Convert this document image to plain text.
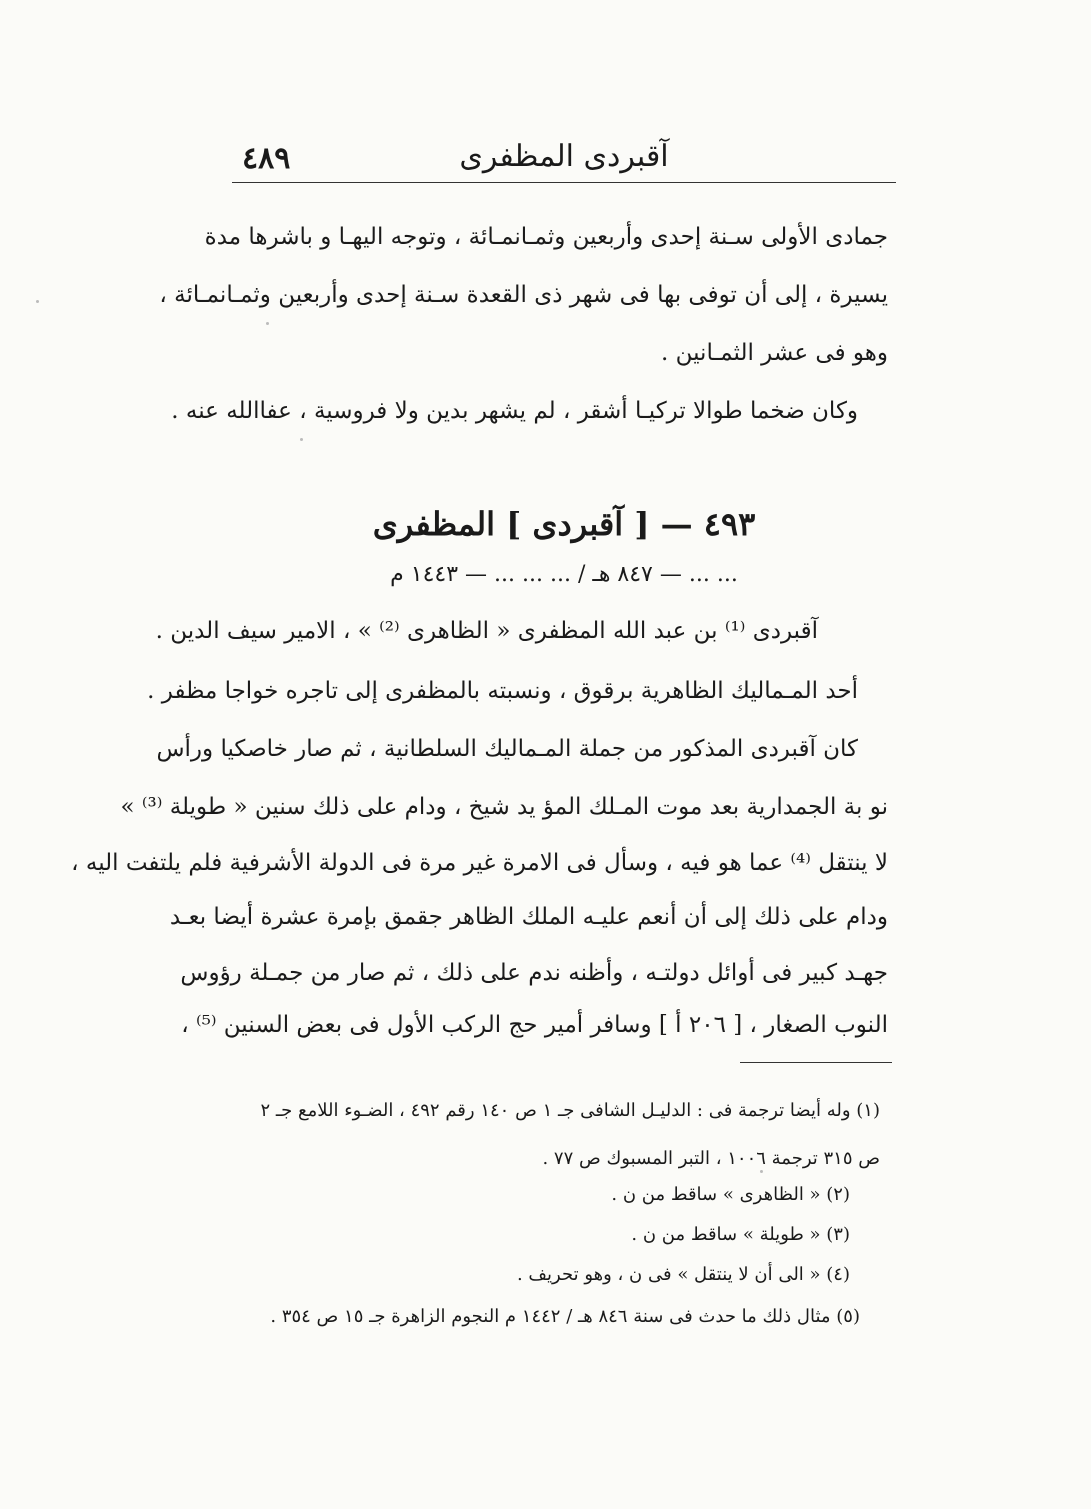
٤٨٩	آقبردى المظفرى
جمادى الأولى سـنة إحدى وأربعين وثمـانمـائة ، وتوجه اليهـا و باشرها مدة
يسيرة ، إلى أن توفى بها فى شهر ذى القعدة سـنة إحدى وأربعين وثمـانمـائة ،
وهو فى عشر الثمـانين .
وكان ضخما طوالا تركيـا أشقر ، لم يشهر بدين ولا فروسية ، عفاالله عنه .
٤٩٣ — [ آقبردى ] المظفرى
... ... — ٨٤٧ هـ / ... ... ... — ١٤٤٣ م
آقبردى ⁽¹⁾ بن عبد الله المظفرى « الظاهرى ⁽²⁾ » ، الامير سيف الدين .
أحد المـماليك الظاهرية برقوق ، ونسبته بالمظفرى إلى تاجره خواجا مظفر .
كان آقبردى المذكور من جملة المـماليك السلطانية ، ثم صار خاصكيا ورأس
نو بة الجمدارية بعد موت المـلك المؤ يد شيخ ، ودام على ذلك سنين « طويلة ⁽³⁾ »
لا ينتقل ⁽⁴⁾ عما هو فيه ، وسأل فى الامرة غير مرة فى الدولة الأشرفية فلم يلتفت اليه ،
ودام على ذلك إلى أن أنعم عليـه الملك الظاهر جقمق بإمرة عشرة أيضا بعـد
جهـد كبير فى أوائل دولتـه ، وأظنه ندم على ذلك ، ثم صار من جمـلة رؤوس
النوب الصغار ، [ ٢٠٦ أ ] وسافر أمير حج الركب الأول فى بعض السنين ⁽⁵⁾ ،
(١) وله أيضا ترجمة فى : الدليـل الشافى جـ ١ ص ١٤٠ رقم ٤٩٢ ، الضـوء اللامع جـ ٢
ص ٣١٥ ترجمة ١٠٠٦ ، التبر المسبوك ص ٧٧ .
(٢) « الظاهرى » ساقط من ن .
(٣) « طويلة » ساقط من ن .
(٤) « الى أن لا ينتقل » فى ن ، وهو تحريف .
(٥) مثال ذلك ما حدث فى سنة ٨٤٦ هـ / ١٤٤٢ م النجوم الزاهرة جـ ١٥ ص ٣٥٤ .
